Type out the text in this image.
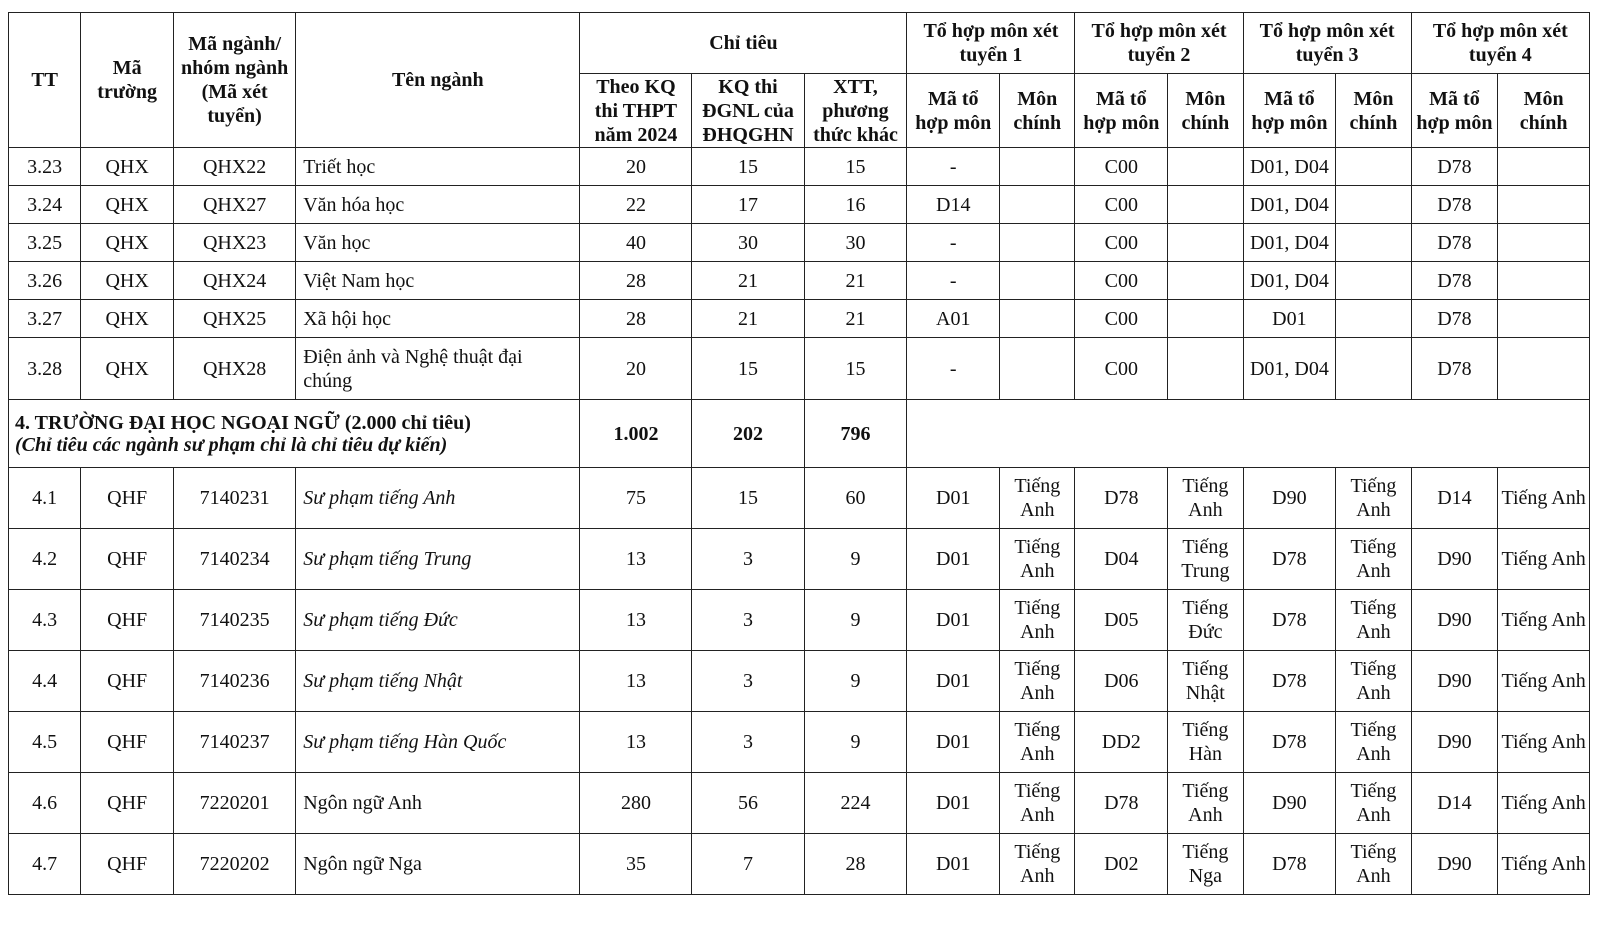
TT	Mã trường	Mã ngành/ nhóm ngành (Mã xét tuyển)	Tên ngành	Chỉ tiêu			Tổ hợp môn xét tuyển 1		Tổ hợp môn xét tuyển 2		Tổ hợp môn xét tuyển 3		Tổ hợp môn xét tuyển 4	
				Theo KQ thi THPT năm 2024	KQ thi ĐGNL của ĐHQGHN	XTT, phương thức khác	Mã tổ hợp môn	Môn chính	Mã tổ hợp môn	Môn chính	Mã tổ hợp môn	Môn chính	Mã tổ hợp môn	Môn chính
3.23	QHX	QHX22	Triết học	20	15	15	-		C00		D01, D04		D78	
3.24	QHX	QHX27	Văn hóa học	22	17	16	D14		C00		D01, D04		D78	
3.25	QHX	QHX23	Văn học	40	30	30	-		C00		D01, D04		D78	
3.26	QHX	QHX24	Việt Nam học	28	21	21	-		C00		D01, D04		D78	
3.27	QHX	QHX25	Xã hội học	28	21	21	A01		C00		D01		D78	
3.28	QHX	QHX28	Điện ảnh và Nghệ thuật đại chúng	20	15	15	-		C00		D01, D04		D78	

4. TRƯỜNG ĐẠI HỌC NGOẠI NGỮ (2.000 chỉ tiêu)
(Chỉ tiêu các ngành sư phạm chỉ là chỉ tiêu dự kiến)				1.002	202	796								
4.1	QHF	7140231	Sư phạm tiếng Anh	75	15	60	D01	Tiếng Anh	D78	Tiếng Anh	D90	Tiếng Anh	D14	Tiếng Anh
4.2	QHF	7140234	Sư phạm tiếng Trung	13	3	9	D01	Tiếng Anh	D04	Tiếng Trung	D78	Tiếng Anh	D90	Tiếng Anh
4.3	QHF	7140235	Sư phạm tiếng Đức	13	3	9	D01	Tiếng Anh	D05	Tiếng Đức	D78	Tiếng Anh	D90	Tiếng Anh
4.4	QHF	7140236	Sư phạm tiếng Nhật	13	3	9	D01	Tiếng Anh	D06	Tiếng Nhật	D78	Tiếng Anh	D90	Tiếng Anh
4.5	QHF	7140237	Sư phạm tiếng Hàn Quốc	13	3	9	D01	Tiếng Anh	DD2	Tiếng Hàn	D78	Tiếng Anh	D90	Tiếng Anh
4.6	QHF	7220201	Ngôn ngữ Anh	280	56	224	D01	Tiếng Anh	D78	Tiếng Anh	D90	Tiếng Anh	D14	Tiếng Anh
4.7	QHF	7220202	Ngôn ngữ Nga	35	7	28	D01	Tiếng Anh	D02	Tiếng Nga	D78	Tiếng Anh	D90	Tiếng Anh
